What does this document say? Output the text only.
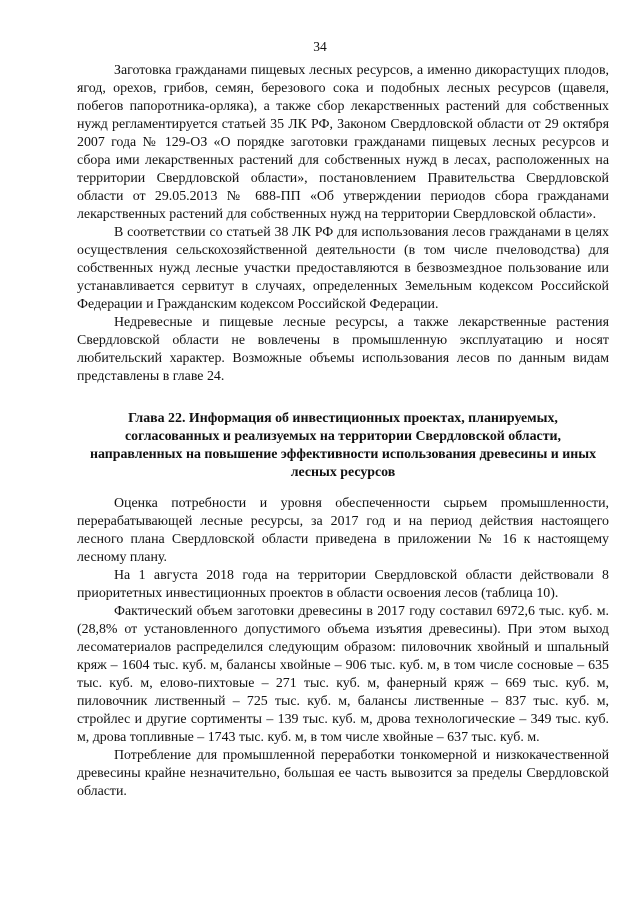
34

Заготовка гражданами пищевых лесных ресурсов, а именно дикорастущих плодов, ягод, орехов, грибов, семян, березового сока и подобных лесных ресурсов (щавеля, побегов папоротника-орляка), а также сбор лекарственных растений для собственных нужд регламентируется статьей 35 ЛК РФ, Законом Свердловской области от 29 октября 2007 года № 129-ОЗ «О порядке заготовки гражданами пищевых лесных ресурсов и сбора ими лекарственных растений для собственных нужд в лесах, расположенных на территории Свердловской области», постановлением Правительства Свердловской области от 29.05.2013 № 688-ПП «Об утверждении периодов сбора гражданами лекарственных растений для собственных нужд на территории Свердловской области».

В соответствии со статьей 38 ЛК РФ для использования лесов гражданами в целях осуществления сельскохозяйственной деятельности (в том числе пчеловодства) для собственных нужд лесные участки предоставляются в безвозмездное пользование или устанавливается сервитут в случаях, определенных Земельным кодексом Российской Федерации и Гражданским кодексом Российской Федерации.

Недревесные и пищевые лесные ресурсы, а также лекарственные растения Свердловской области не вовлечены в промышленную эксплуатацию и носят любительский характер. Возможные объемы использования лесов по данным видам представлены в главе 24.

Глава 22. Информация об инвестиционных проектах, планируемых, согласованных и реализуемых на территории Свердловской области, направленных на повышение эффективности использования древесины и иных лесных ресурсов

Оценка потребности и уровня обеспеченности сырьем промышленности, перерабатывающей лесные ресурсы, за 2017 год и на период действия настоящего лесного плана Свердловской области приведена в приложении № 16 к настоящему лесному плану.

На 1 августа 2018 года на территории Свердловской области действовали 8 приоритетных инвестиционных проектов в области освоения лесов (таблица 10).

Фактический объем заготовки древесины в 2017 году составил 6972,6 тыс. куб. м. (28,8% от установленного допустимого объема изъятия древесины). При этом выход лесоматериалов распределился следующим образом: пиловочник хвойный и шпальный кряж – 1604 тыс. куб. м, балансы хвойные – 906 тыс. куб. м, в том числе сосновые – 635 тыс. куб. м, елово-пихтовые – 271 тыс. куб. м, фанерный кряж – 669 тыс. куб. м, пиловочник лиственный – 725 тыс. куб. м, балансы лиственные – 837 тыс. куб. м, стройлес и другие сортименты – 139 тыс. куб. м, дрова технологические – 349 тыс. куб. м, дрова топливные – 1743 тыс. куб. м, в том числе хвойные – 637 тыс. куб. м.

Потребление для промышленной переработки тонкомерной и низкокачественной древесины крайне незначительно, большая ее часть вывозится за пределы Свердловской области.
